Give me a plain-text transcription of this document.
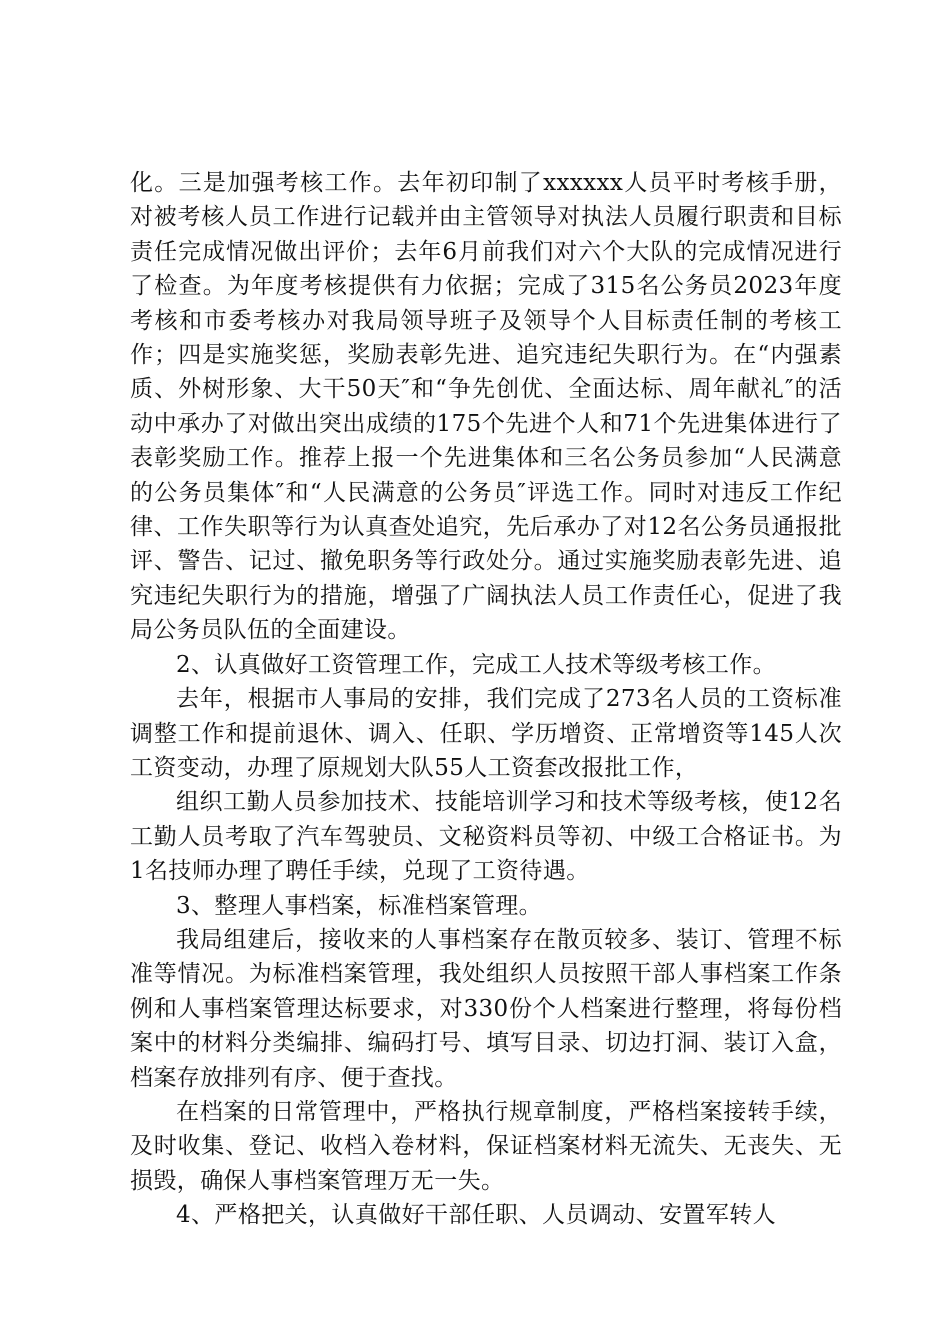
化。三是加强考核工作。去年初印制了xxxxxx人员平时考核手册，对被考核人员工作进行记载并由主管领导对执法人员履行职责和目标责任完成情况做出评价；去年6月前我们对六个大队的完成情况进行了检查。为年度考核提供有力依据；完成了315名公务员2023年度考核和市委考核办对我局领导班子及领导个人目标责任制的考核工作；四是实施奖惩，奖励表彰先进、追究违纪失职行为。在“内强素质、外树形象、大干50天″和“争先创优、全面达标、周年献礼″的活动中承办了对做出突出成绩的175个先进个人和71个先进集体进行了表彰奖励工作。推荐上报一个先进集体和三名公务员参加“人民满意的公务员集体″和“人民满意的公务员″评选工作。同时对违反工作纪律、工作失职等行为认真查处追究，先后承办了对12名公务员通报批评、警告、记过、撤免职务等行政处分。通过实施奖励表彰先进、追究违纪失职行为的措施，增强了广阔执法人员工作责任心，促进了我局公务员队伍的全面建设。

2、认真做好工资管理工作，完成工人技术等级考核工作。

去年，根据市人事局的安排，我们完成了273名人员的工资标准调整工作和提前退休、调入、任职、学历增资、正常增资等145人次工资变动，办理了原规划大队55人工资套改报批工作，

组织工勤人员参加技术、技能培训学习和技术等级考核，使12名工勤人员考取了汽车驾驶员、文秘资料员等初、中级工合格证书。为1名技师办理了聘任手续，兑现了工资待遇。

3、整理人事档案，标准档案管理。

我局组建后，接收来的人事档案存在散页较多、装订、管理不标准等情况。为标准档案管理，我处组织人员按照干部人事档案工作条例和人事档案管理达标要求，对330份个人档案进行整理，将每份档案中的材料分类编排、编码打号、填写目录、切边打洞、装订入盒，档案存放排列有序、便于查找。

在档案的日常管理中，严格执行规章制度，严格档案接转手续，及时收集、登记、收档入卷材料，保证档案材料无流失、无丧失、无损毁，确保人事档案管理万无一失。

4、严格把关，认真做好干部任职、人员调动、安置军转人
